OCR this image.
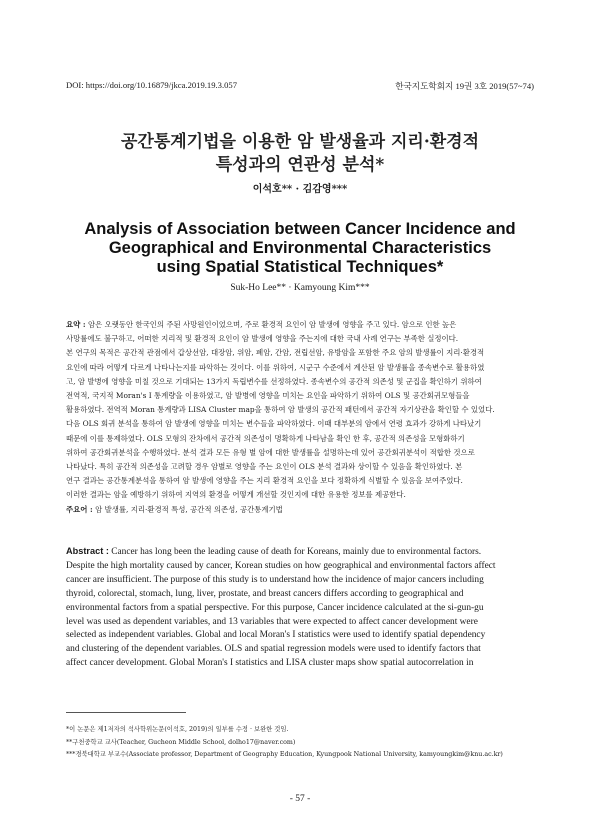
DOI: https://doi.org/10.16879/jkca.2019.19.3.057	한국지도학회지 19권 3호 2019(57~74)
공간통계기법을 이용한 암 발생율과 지리·환경적
특성과의 연관성 분석*
이석호** · 김감영***
Analysis of Association between Cancer Incidence and
Geographical and Environmental Characteristics
using Spatial Statistical Techniques*
Suk-Ho Lee** · Kamyoung Kim***
요약 : 암은 오랫동안 한국인의 주된 사망원인이었으며, 주로 환경적 요인이 암 발생에 영향을 주고 있다. 암으로 인한 높은
사망률에도 불구하고, 어떠한 지리적 및 환경적 요인이 암 발생에 영향을 주는지에 대한 국내 사례 연구는 부족한 실정이다.
본 연구의 목적은 공간적 관점에서 갑상선암, 대장암, 위암, 폐암, 간암, 전립선암, 유방암을 포함한 주요 암의 발생률이 지리·환경적
요인에 따라 어떻게 다르게 나타나는지를 파악하는 것이다. 이를 위하여, 시군구 수준에서 계산된 암 발생률을 종속변수로 활용하였
고, 암 발병에 영향을 미칠 것으로 기대되는 13가지 독립변수를 선정하였다. 종속변수의 공간적 의존성 및 군집을 확인하기 위하여
전역적, 국지적 Moran's I 통계량을 이용하였고, 암 발병에 영향을 미치는 요인을 파악하기 위하여 OLS 및 공간회귀모형들을
활용하였다. 전역적 Moran 통계량과 LISA Cluster map을 통하여 암 발생의 공간적 패턴에서 공간적 자기상관을 확인할 수 있었다.
다음 OLS 회귀 분석을 통하여 암 발생에 영향을 미치는 변수들을 파악하였다. 이때 대부분의 암에서 연령 효과가 강하게 나타났기
때문에 이를 통제하였다. OLS 모형의 잔차에서 공간적 의존성이 명확하게 나타남을 확인 한 후, 공간적 의존성을 모형화하기
위하여 공간회귀분석을 수행하였다. 분석 결과 모든 유형 별 암에 대한 발생률을 설명하는데 있어 공간회귀분석이 적합한 것으로
나타났다. 특히 공간적 의존성을 고려할 경우 암별로 영향을 주는 요인이 OLS 분석 결과와 상이할 수 있음을 확인하였다. 본
연구 결과는 공간통계분석을 통하여 암 발생에 영향을 주는 지리 환경적 요인을 보다 정확하게 식별할 수 있음을 보여주었다.
이러한 결과는 암을 예방하기 위하여 지역의 환경을 어떻게 개선할 것인지에 대한 유용한 정보를 제공한다.
주요어 : 암 발생률, 지리·환경적 특성, 공간적 의존성, 공간통계기법
Abstract : Cancer has long been the leading cause of death for Koreans, mainly due to environmental factors.
Despite the high mortality caused by cancer, Korean studies on how geographical and environmental factors affect
cancer are insufficient. The purpose of this study is to understand how the incidence of major cancers including
thyroid, colorectal, stomach, lung, liver, prostate, and breast cancers differs according to geographical and
environmental factors from a spatial perspective. For this purpose, Cancer incidence calculated at the si-gun-gu
level was used as dependent variables, and 13 variables that were expected to affect cancer development were
selected as independent variables. Global and local Moran's I statistics were used to identify spatial dependency
and clustering of the dependent variables. OLS and spatial regression models were used to identify factors that
affect cancer development. Global Moran's I statistics and LISA cluster maps show spatial autocorrelation in
*이 논문은 제1저자의 석사학위논문(이석호, 2019)의 일부를 수정 · 보완한 것임.
**구천중학교 교사(Teacher, Gucheon Middle School, dolho17@naver.com)
***경북대학교 부교수(Associate professor, Department of Geography Education, Kyungpook National University, kamyoungkim@knu.ac.kr)
- 57 -
